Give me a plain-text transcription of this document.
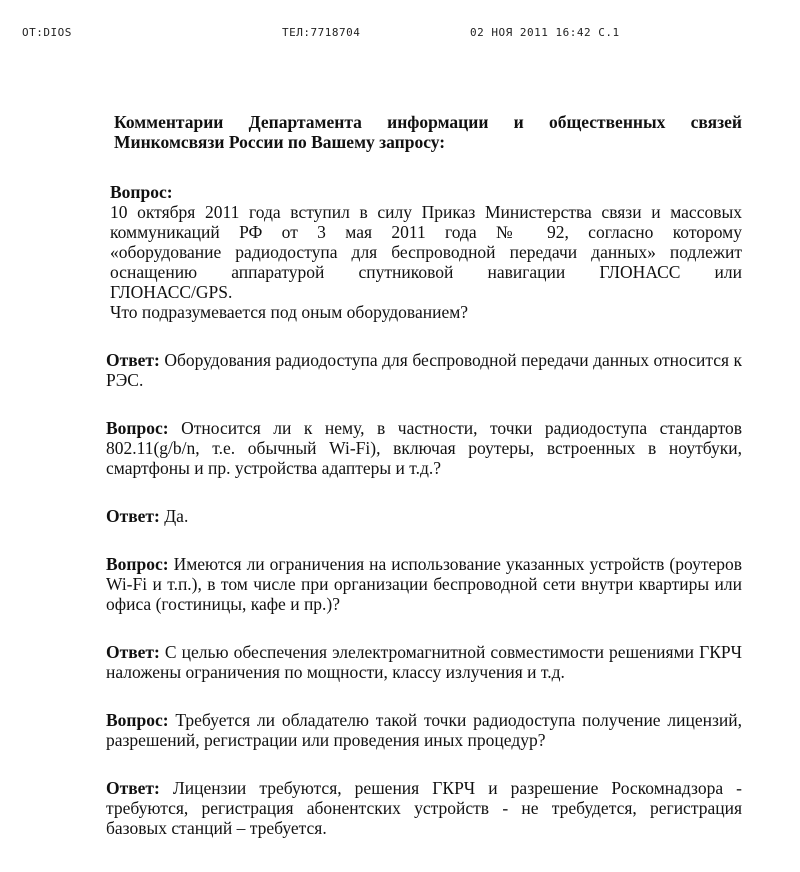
ОТ:DIOS	ТЕЛ:7718704	02 НОЯ 2011 16:42 С.1
Комментарии Департамента информации и общественных связей Минкомсвязи России по Вашему запросу:
Вопрос:
10 октября 2011 года вступил в силу Приказ Министерства связи и массовых
коммуникаций РФ от 3 мая 2011 года № 92, согласно которому
«оборудование радиодоступа для беспроводной передачи данных» подлежит
оснащению аппаратурой спутниковой навигации ГЛОНАСС или
ГЛОНАСС/GPS.
Что подразумевается под оным оборудованием?
Ответ: Оборудования радиодоступа для беспроводной передачи данных относится к РЭС.
Вопрос: Относится ли к нему, в частности, точки радиодоступа стандартов 802.11(g/b/n, т.е. обычный Wi-Fi), включая роутеры, встроенных в ноутбуки, смартфоны и пр. устройства адаптеры и т.д.?
Ответ: Да.
Вопрос: Имеются ли ограничения на использование указанных устройств (роутеров Wi-Fi и т.п.), в том числе при организации беспроводной сети внутри квартиры или офиса (гостиницы, кафе и пр.)?
Ответ: С целью обеспечения элелектромагнитной совместимости решениями ГКРЧ наложены ограничения по мощности, классу излучения и т.д.
Вопрос: Требуется ли обладателю такой точки радиодоступа получение лицензий, разрешений, регистрации или проведения иных процедур?
Ответ: Лицензии требуются, решения ГКРЧ и разрешение Роскомнадзора - требуются, регистрация абонентских устройств - не требудется, регистрация базовых станций – требуется.
